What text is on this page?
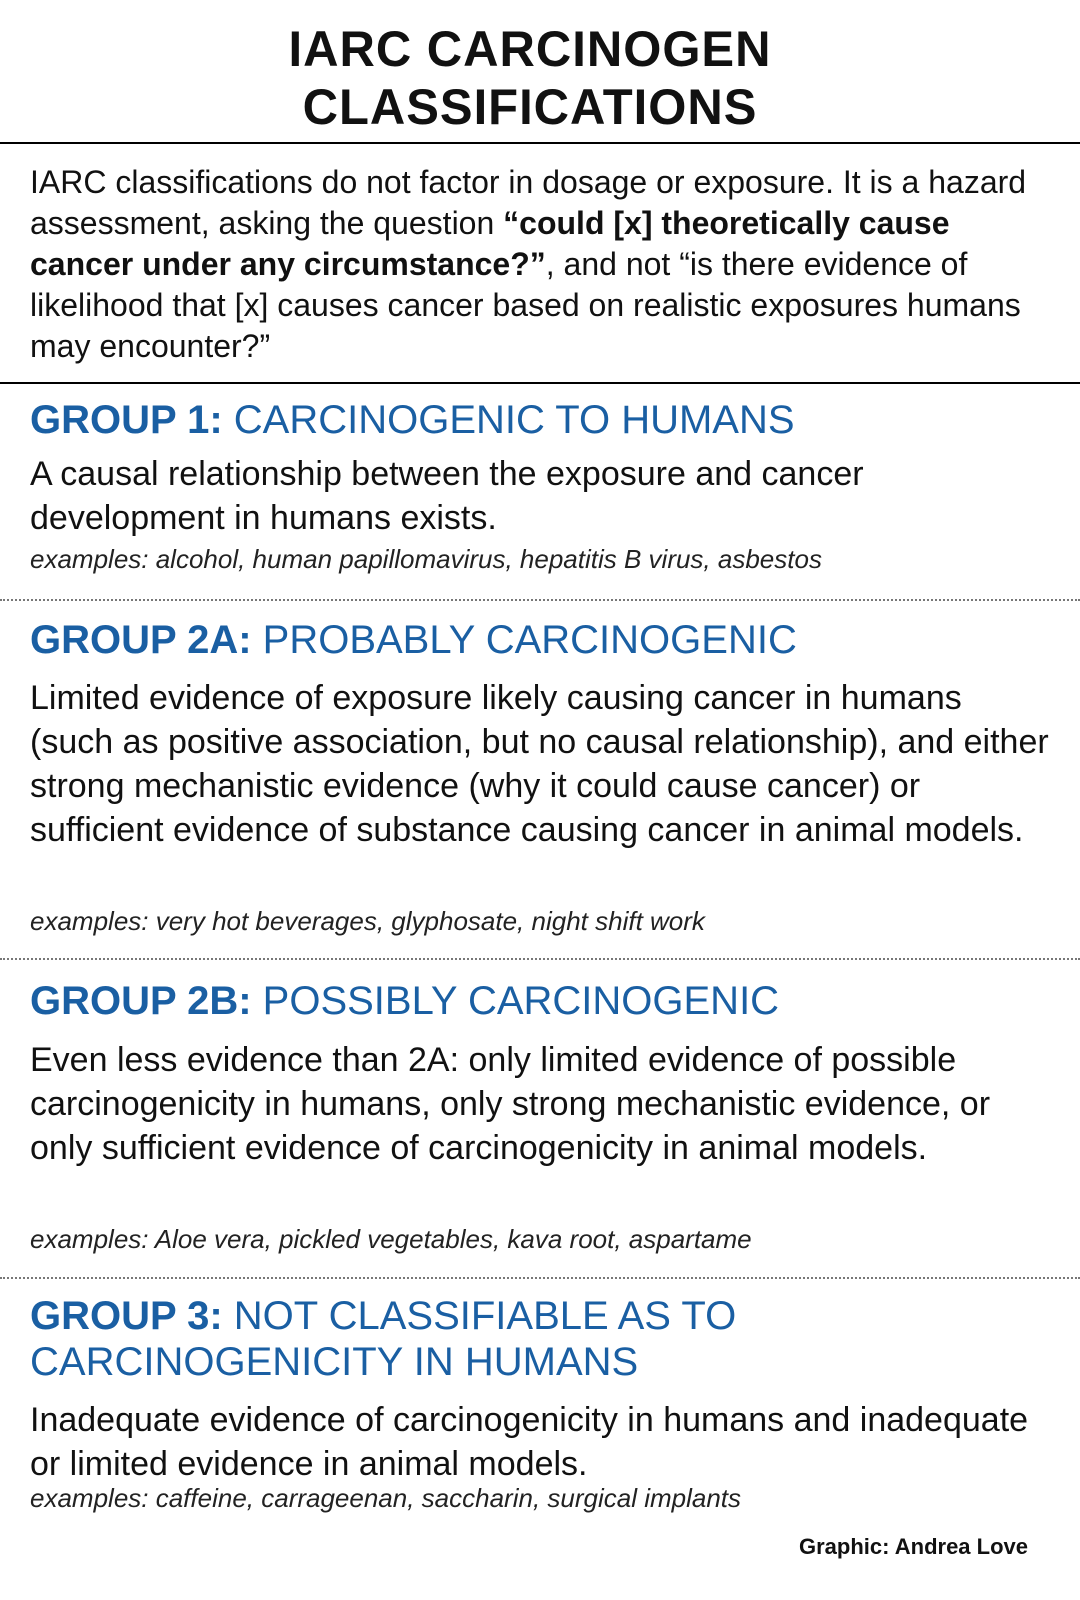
IARC CARCINOGEN
CLASSIFICATIONS
IARC classifications do not factor in dosage or exposure. It is a hazard assessment, asking the question “could [x] theoretically cause cancer under any circumstance?”, and not “is there evidence of likelihood that [x] causes cancer based on realistic exposures humans may encounter?”
GROUP 1: CARCINOGENIC TO HUMANS
A causal relationship between the exposure and cancer development in humans exists.
examples: alcohol, human papillomavirus, hepatitis B virus, asbestos
GROUP 2A: PROBABLY CARCINOGENIC
Limited evidence of exposure likely causing cancer in humans (such as positive association, but no causal relationship), and either strong mechanistic evidence (why it could cause cancer) or sufficient evidence of substance causing cancer in animal models.
examples: very hot beverages, glyphosate, night shift work
GROUP 2B: POSSIBLY CARCINOGENIC
Even less evidence than 2A: only limited evidence of possible carcinogenicity in humans, only strong mechanistic evidence, or only sufficient evidence of carcinogenicity in animal models.
examples: Aloe vera, pickled vegetables, kava root, aspartame
GROUP 3: NOT CLASSIFIABLE AS TO CARCINOGENICITY IN HUMANS
Inadequate evidence of carcinogenicity in humans and inadequate or limited evidence in animal models.
examples: caffeine, carrageenan, saccharin, surgical implants
Graphic: Andrea Love
